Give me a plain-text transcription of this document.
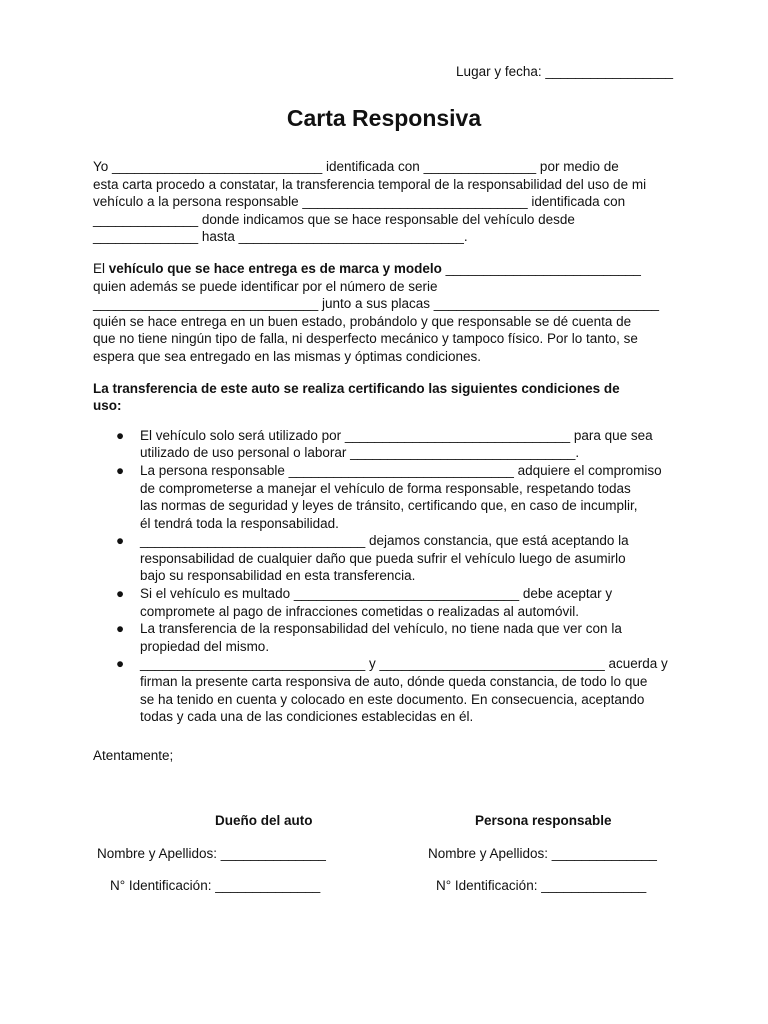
Lugar y fecha: _________________
Carta Responsiva

Yo ____________________________ identificada con _______________ por medio de
esta carta procedo a constatar, la transferencia temporal de la responsabilidad del uso de mi
vehículo a la persona responsable ______________________________ identificada con
______________ donde indicamos que se hace responsable del vehículo desde
______________ hasta ______________________________.

El vehículo que se hace entrega es de marca y modelo __________________________
quien además se puede identificar por el número de serie
______________________________ junto a sus placas ______________________________
quién se hace entrega en un buen estado, probándolo y que responsable se dé cuenta de
que no tiene ningún tipo de falla, ni desperfecto mecánico y tampoco físico. Por lo tanto, se
espera que sea entregado en las mismas y óptimas condiciones.

La transferencia de este auto se realiza certificando las siguientes condiciones de
uso:
● El vehículo solo será utilizado por ______________________________ para que sea
utilizado de uso personal o laborar ______________________________.
● La persona responsable ______________________________ adquiere el compromiso
de comprometerse a manejar el vehículo de forma responsable, respetando todas
las normas de seguridad y leyes de tránsito, certificando que, en caso de incumplir,
él tendrá toda la responsabilidad.
● ______________________________ dejamos constancia, que está aceptando la
responsabilidad de cualquier daño que pueda sufrir el vehículo luego de asumirlo
bajo su responsabilidad en esta transferencia.
● Si el vehículo es multado ______________________________ debe aceptar y
compromete al pago de infracciones cometidas o realizadas al automóvil.
● La transferencia de la responsabilidad del vehículo, no tiene nada que ver con la
propiedad del mismo.
● ______________________________ y ______________________________ acuerda y
firman la presente carta responsiva de auto, dónde queda constancia, de todo lo que
se ha tenido en cuenta y colocado en este documento. En consecuencia, aceptando
todas y cada una de las condiciones establecidas en él.
Atentamente;
Dueño del auto
Nombre y Apellidos: ______________
N° Identificación: ______________
Persona responsable
Nombre y Apellidos: ______________
N° Identificación: ______________
